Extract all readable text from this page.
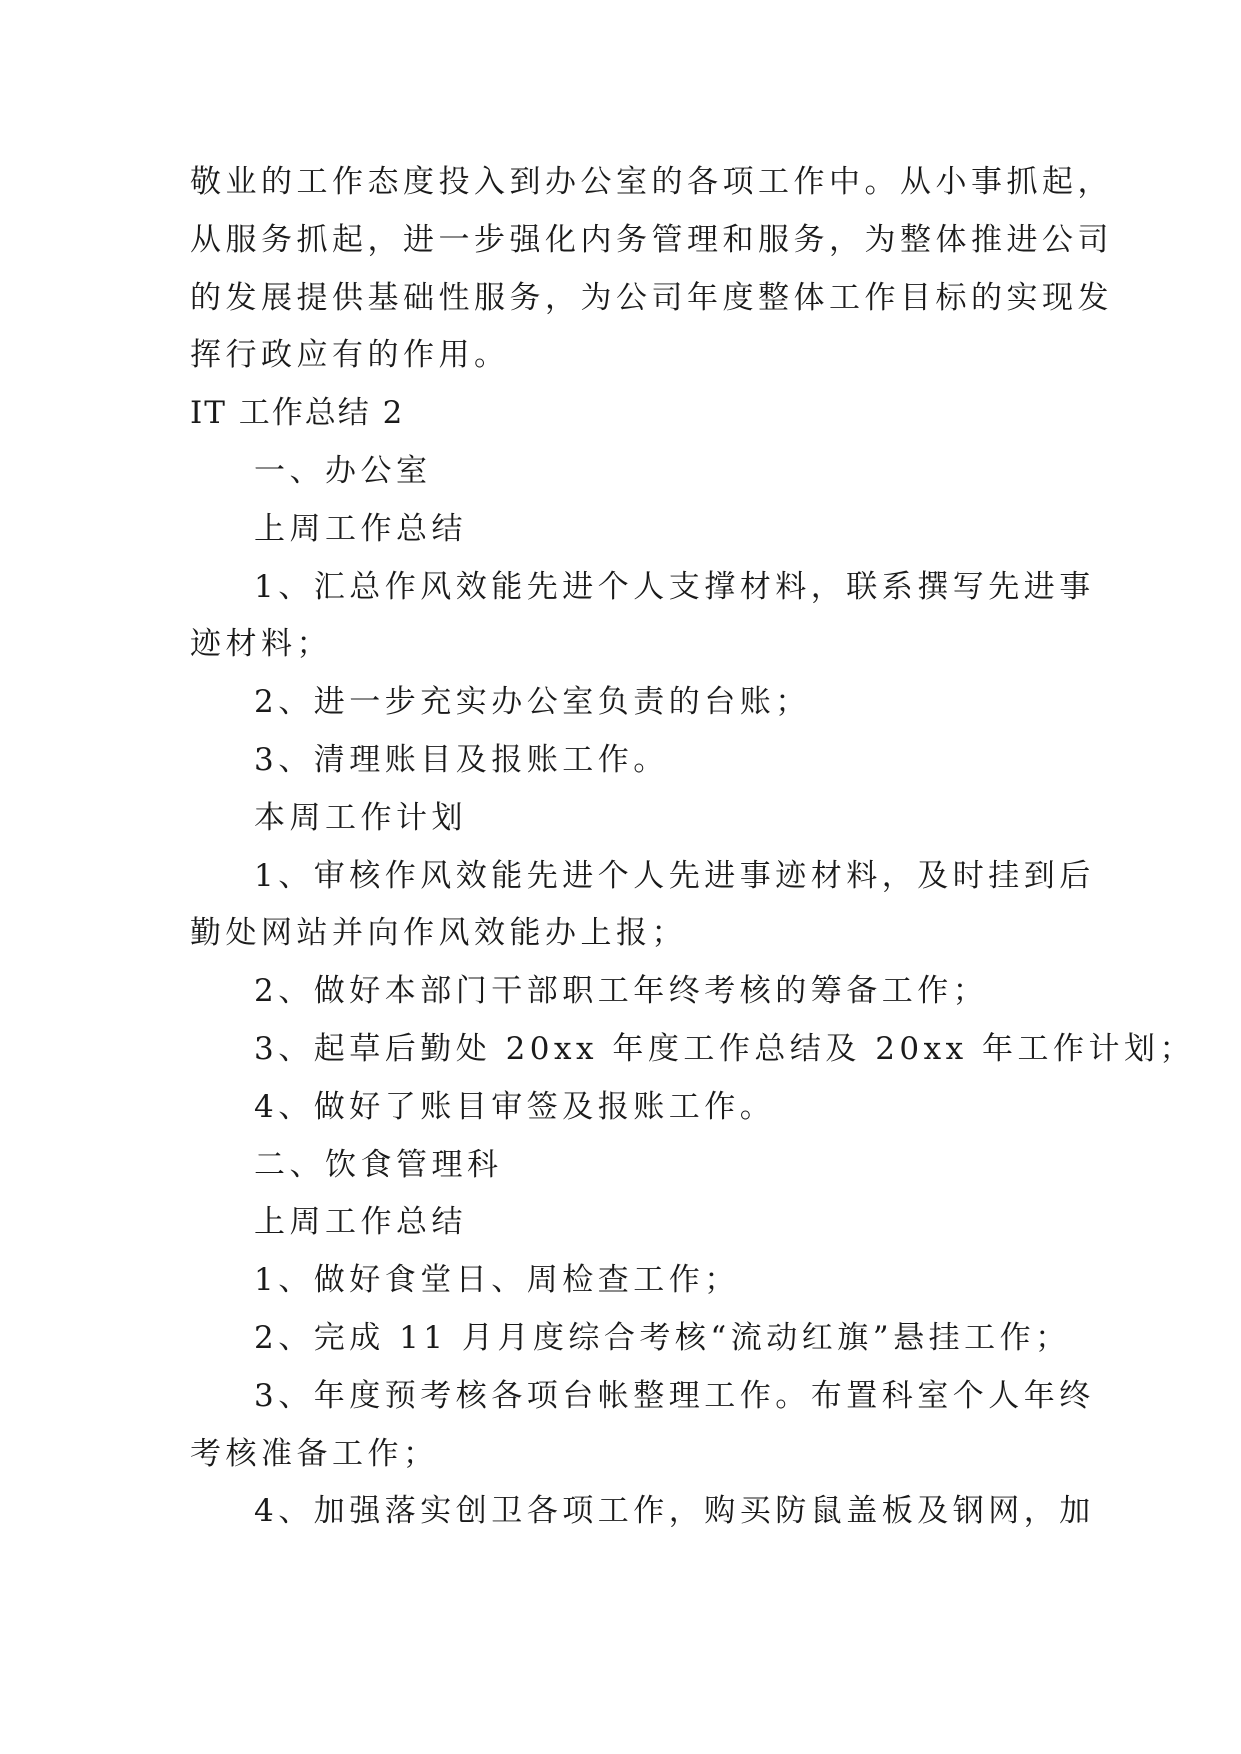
敬业的工作态度投入到办公室的各项工作中。从小事抓起，
从服务抓起，进一步强化内务管理和服务，为整体推进公司
的发展提供基础性服务，为公司年度整体工作目标的实现发
挥行政应有的作用。
IT 工作总结 2
一、办公室
上周工作总结
1、汇总作风效能先进个人支撑材料，联系撰写先进事
迹材料；
2、进一步充实办公室负责的台账；
3、清理账目及报账工作。
本周工作计划
1、审核作风效能先进个人先进事迹材料，及时挂到后
勤处网站并向作风效能办上报；
2、做好本部门干部职工年终考核的筹备工作；
3、起草后勤处 20xx 年度工作总结及 20xx 年工作计划；
4、做好了账目审签及报账工作。
二、饮食管理科
上周工作总结
1、做好食堂日、周检查工作；
2、完成 11 月月度综合考核“流动红旗”悬挂工作；
3、年度预考核各项台帐整理工作。布置科室个人年终
考核准备工作；
4、加强落实创卫各项工作，购买防鼠盖板及钢网，加
